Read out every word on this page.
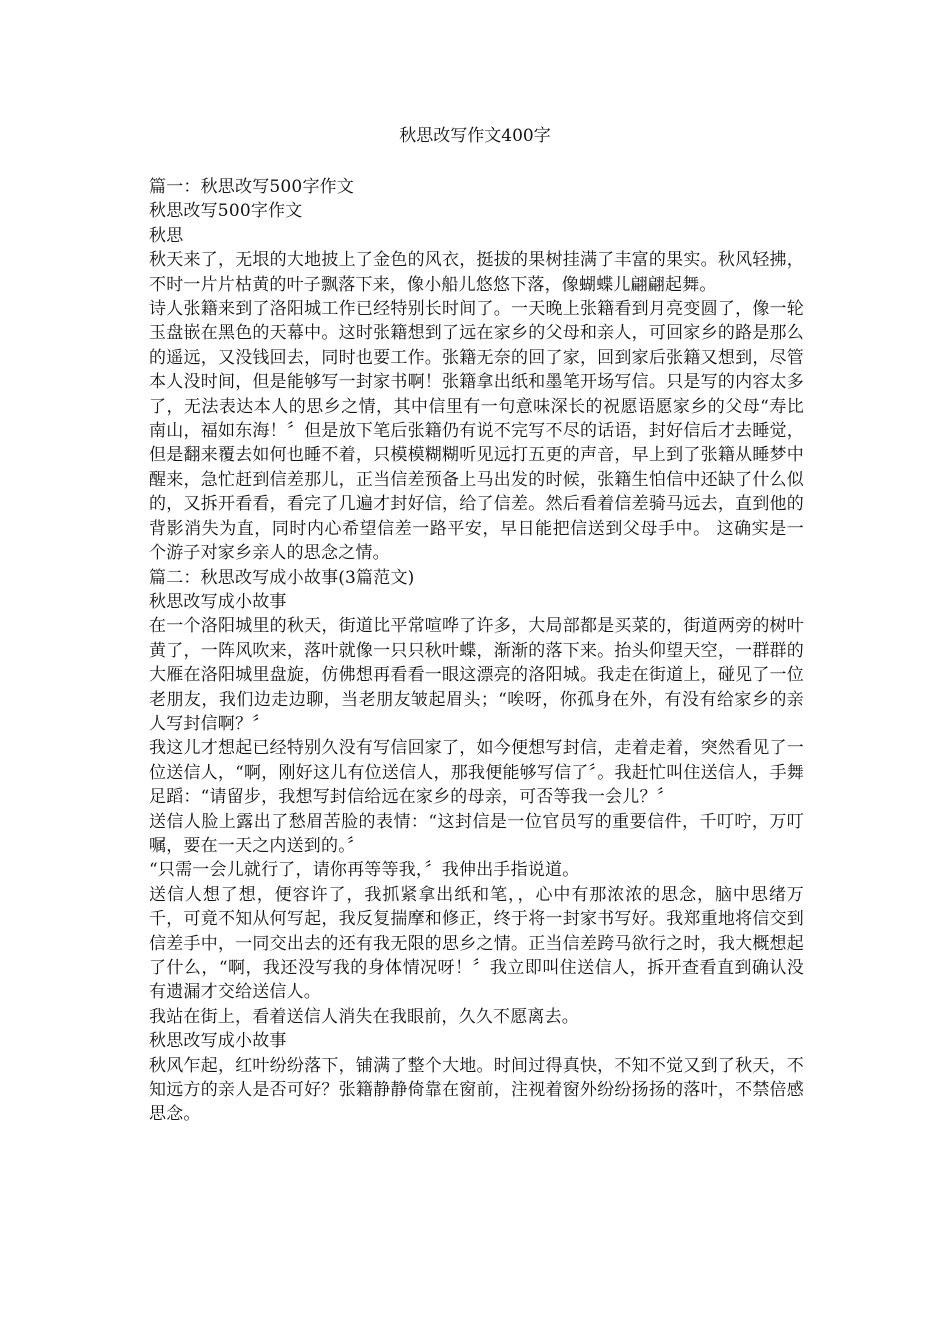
秋思改写作文400字

篇一：秋思改写500字作文

秋思改写500字作文

秋思

秋天来了，无垠的大地披上了金色的风衣，挺拔的果树挂满了丰富的果实。秋风轻拂，不时一片片枯黄的叶子飘落下来，像小船儿悠悠下落，像蝴蝶儿翩翩起舞。

诗人张籍来到了洛阳城工作已经特别长时间了。一天晚上张籍看到月亮变圆了，像一轮玉盘嵌在黑色的天幕中。这时张籍想到了远在家乡的父母和亲人，可回家乡的路是那么的遥远，又没钱回去，同时也要工作。张籍无奈的回了家，回到家后张籍又想到，尽管本人没时间，但是能够写一封家书啊！张籍拿出纸和墨笔开场写信。只是写的内容太多了，无法表达本人的思乡之情，其中信里有一句意味深长的祝愿语愿家乡的父母“寿比南山，福如东海！〞但是放下笔后张籍仍有说不完写不尽的话语，封好信后才去睡觉，但是翻来覆去如何也睡不着，只模模糊糊听见远打五更的声音，早上到了张籍从睡梦中醒来，急忙赶到信差那儿，正当信差预备上马出发的时候，张籍生怕信中还缺了什么似的，又拆开看看，看完了几遍才封好信，给了信差。然后看着信差骑马远去，直到他的背影消失为直，同时内心希望信差一路平安，早日能把信送到父母手中。 这确实是一个游子对家乡亲人的思念之情。

篇二：秋思改写成小故事(3篇范文)

秋思改写成小故事

在一个洛阳城里的秋天，街道比平常喧哗了许多，大局部都是买菜的，街道两旁的树叶黄了，一阵风吹来，落叶就像一只只秋叶蝶，渐渐的落下来。抬头仰望天空，一群群的大雁在洛阳城里盘旋，仿佛想再看看一眼这漂亮的洛阳城。我走在街道上，碰见了一位老朋友，我们边走边聊，当老朋友皱起眉头；“唉呀，你孤身在外，有没有给家乡的亲人写封信啊？〞

我这儿才想起已经特别久没有写信回家了，如今便想写封信，走着走着，突然看见了一位送信人，“啊，刚好这儿有位送信人，那我便能够写信了〞。我赶忙叫住送信人，手舞足蹈：“请留步，我想写封信给远在家乡的母亲，可否等我一会儿？〞

送信人脸上露出了愁眉苦脸的表情：“这封信是一位官员写的重要信件，千叮咛，万叮嘱，要在一天之内送到的。〞

“只需一会儿就行了，请你再等等我，〞我伸出手指说道。

送信人想了想，便容许了，我抓紧拿出纸和笔，，心中有那浓浓的思念，脑中思绪万千，可竟不知从何写起，我反复揣摩和修正，终于将一封家书写好。我郑重地将信交到信差手中，一同交出去的还有我无限的思乡之情。正当信差跨马欲行之时，我大概想起了什么，“啊，我还没写我的身体情况呀！〞我立即叫住送信人，拆开查看直到确认没有遗漏才交给送信人。

我站在街上，看着送信人消失在我眼前，久久不愿离去。

秋思改写成小故事

秋风乍起，红叶纷纷落下，铺满了整个大地。时间过得真快，不知不觉又到了秋天，不知远方的亲人是否可好？张籍静静倚靠在窗前，注视着窗外纷纷扬扬的落叶，不禁倍感思念。
